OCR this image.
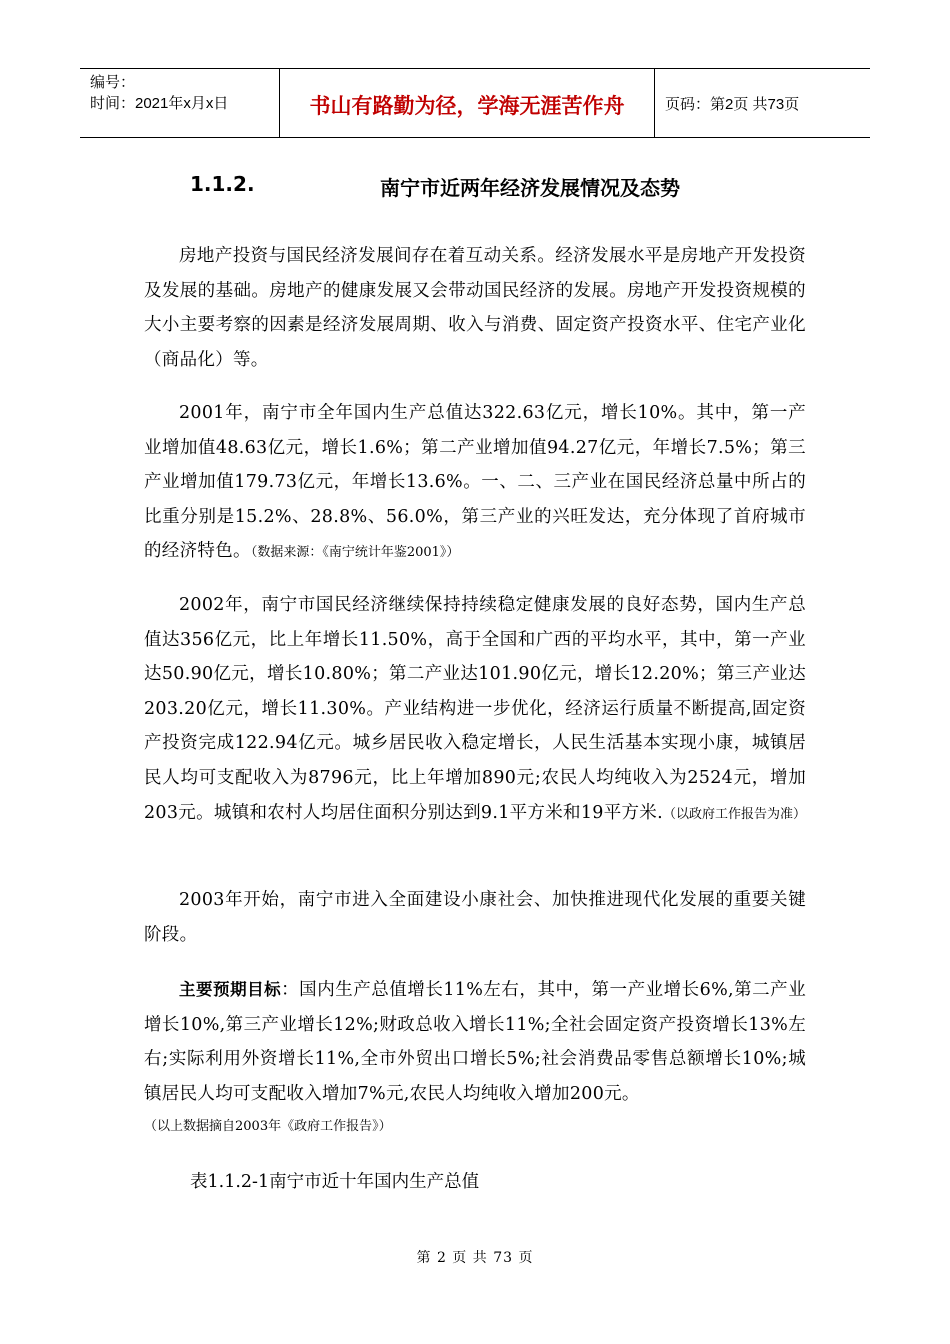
编号：
时间：2021年x月x日	书山有路勤为径，学海无涯苦作舟	页码：第2页 共73页
1.1.2.	南宁市近两年经济发展情况及态势

房地产投资与国民经济发展间存在着互动关系。经济发展水平是房地产开发投资及发展的基础。房地产的健康发展又会带动国民经济的发展。房地产开发投资规模的大小主要考察的因素是经济发展周期、收入与消费、固定资产投资水平、住宅产业化（商品化）等。

2001年，南宁市全年国内生产总值达322.63亿元，增长10%。其中，第一产业增加值48.63亿元，增长1.6%；第二产业增加值94.27亿元，年增长7.5%；第三产业增加值179.73亿元，年增长13.6%。一、二、三产业在国民经济总量中所占的比重分别是15.2%、28.8%、56.0%，第三产业的兴旺发达，充分体现了首府城市的经济特色。（数据来源：《南宁统计年鉴2001》）

2002年，南宁市国民经济继续保持持续稳定健康发展的良好态势，国内生产总值达356亿元，比上年增长11.50%，高于全国和广西的平均水平，其中，第一产业达50.90亿元，增长10.80%；第二产业达101.90亿元，增长12.20%；第三产业达203.20亿元，增长11.30%。产业结构进一步优化，经济运行质量不断提高,固定资产投资完成122.94亿元。城乡居民收入稳定增长，人民生活基本实现小康，城镇居民人均可支配收入为8796元，比上年增加890元;农民人均纯收入为2524元，增加203元。城镇和农村人均居住面积分别达到9.1平方米和19平方米.（以政府工作报告为准）

2003年开始，南宁市进入全面建设小康社会、加快推进现代化发展的重要关键阶段。

主要预期目标：国内生产总值增长11%左右，其中，第一产业增长6%,第二产业增长10%,第三产业增长12%;财政总收入增长11%;全社会固定资产投资增长13%左右;实际利用外资增长11%,全市外贸出口增长5%;社会消费品零售总额增长10%;城镇居民人均可支配收入增加7%元,农民人均纯收入增加200元。

（以上数据摘自2003年《政府工作报告》）
表1.1.2-1南宁市近十年国内生产总值
第 2 页 共 73 页
